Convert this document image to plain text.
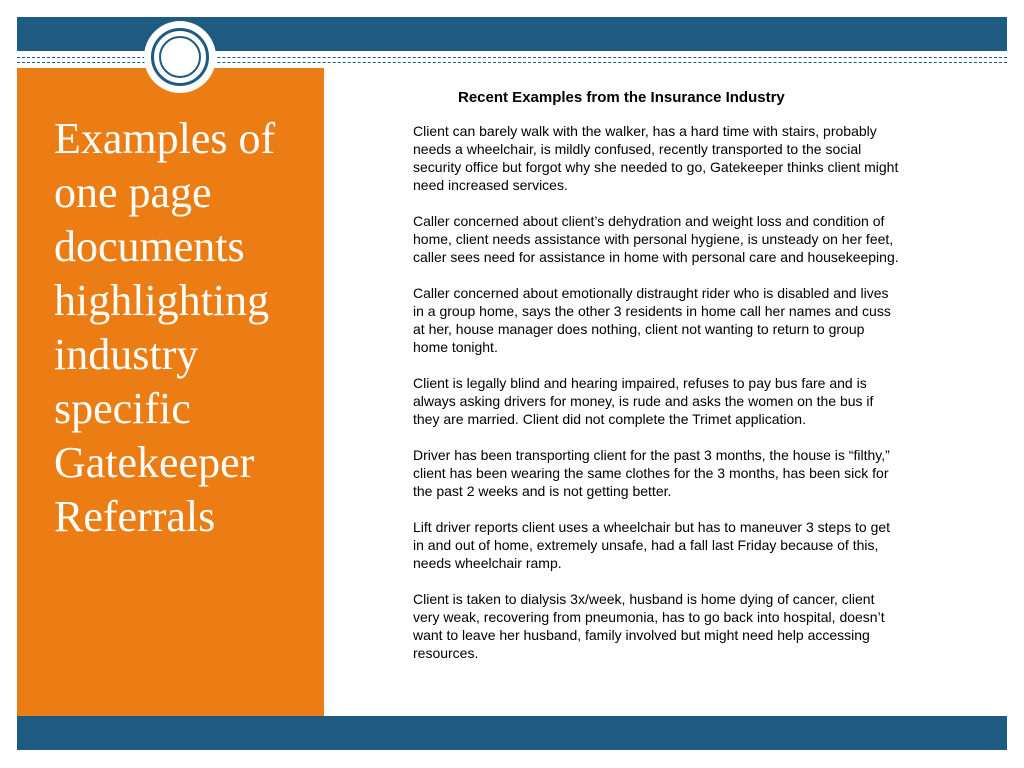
Examples of one page documents highlighting industry specific Gatekeeper Referrals
Recent Examples from the Insurance Industry
Client can barely walk with the walker, has a hard time with stairs, probably needs a wheelchair, is mildly confused, recently transported to the social security office but forgot why she needed to go, Gatekeeper thinks client might need increased services.
Caller concerned about client’s dehydration and weight loss and condition of home, client needs assistance with personal hygiene, is unsteady on her feet, caller sees need for assistance in home with personal care and housekeeping.
Caller concerned about emotionally distraught rider who is disabled and lives in a group home, says the other 3 residents in home call her names and cuss at her, house manager does nothing, client not wanting to return to group home tonight.
Client is legally blind and hearing impaired, refuses to pay bus fare and is always asking drivers for money, is rude and asks the women on the bus if they are married. Client did not complete the Trimet application.
Driver has been transporting client for the past 3 months, the house is “filthy,” client has been wearing the same clothes for the 3 months, has been sick for the past 2 weeks and is not getting better.
Lift driver reports client uses a wheelchair but has to maneuver 3 steps to get in and out of home, extremely unsafe, had a fall last Friday because of this, needs wheelchair ramp.
Client is taken to dialysis 3x/week, husband is home dying of cancer, client very weak, recovering from pneumonia, has to go back into hospital, doesn’t want to leave her husband, family involved but might need help accessing resources.
